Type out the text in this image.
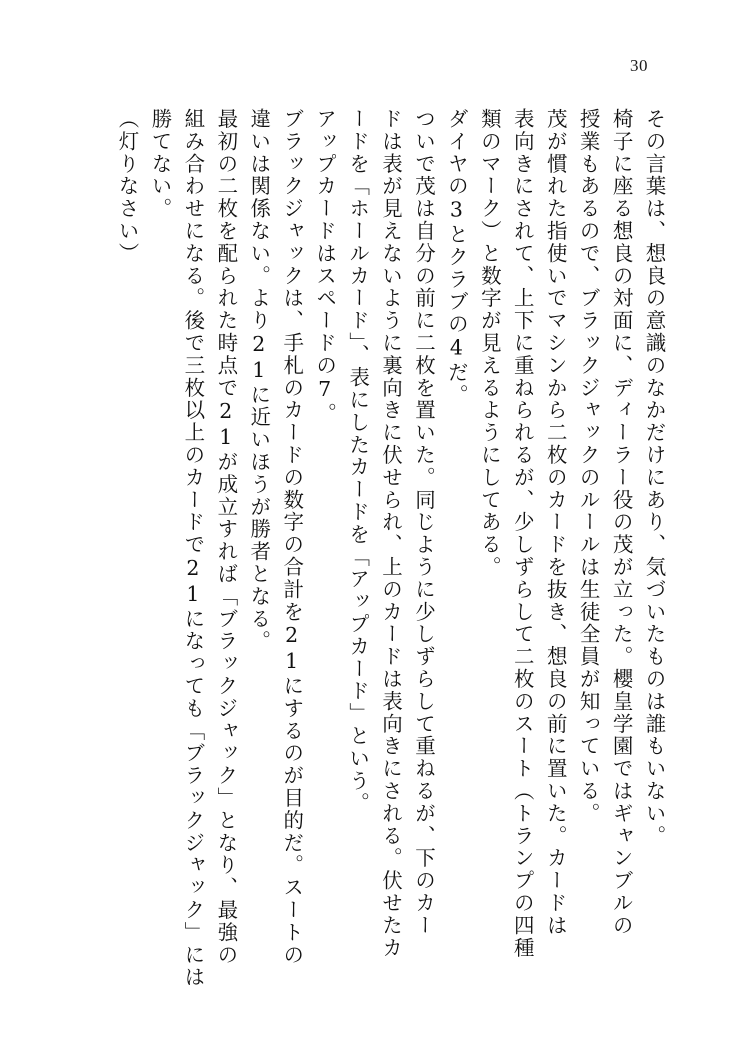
30
その言葉は、想良の意識のなかだけにあり、気づいたものは誰もいない。
椅子に座る想良の対面に、ディーラー役の茂が立った。櫻皇学園ではギャンブルの
授業もあるので、ブラックジャックのルールは生徒全員が知っている。
茂が慣れた指使いでマシンから二枚のカードを抜き、想良の前に置いた。カードは
表向きにされて、上下に重ねられるが、少しずらして二枚のスート（トランプの四種
類のマーク）と数字が見えるようにしてある。
ダイヤの3とクラブの4だ。
ついで茂は自分の前に二枚を置いた。同じように少しずらして重ねるが、下のカー
ドは表が見えないように裏向きに伏せられ、上のカードは表向きにされる。伏せたカ
ードを「ホールカード」、表にしたカードを「アップカード」という。
アップカードはスペードの7。
ブラックジャックは、手札のカードの数字の合計を21にするのが目的だ。スートの
違いは関係ない。より21に近いほうが勝者となる。
最初の二枚を配られた時点で21が成立すれば「ブラックジャック」となり、最強の
組み合わせになる。後で三枚以上のカードで21になっても「ブラックジャック」には
勝てない。
（灯りなさい）
